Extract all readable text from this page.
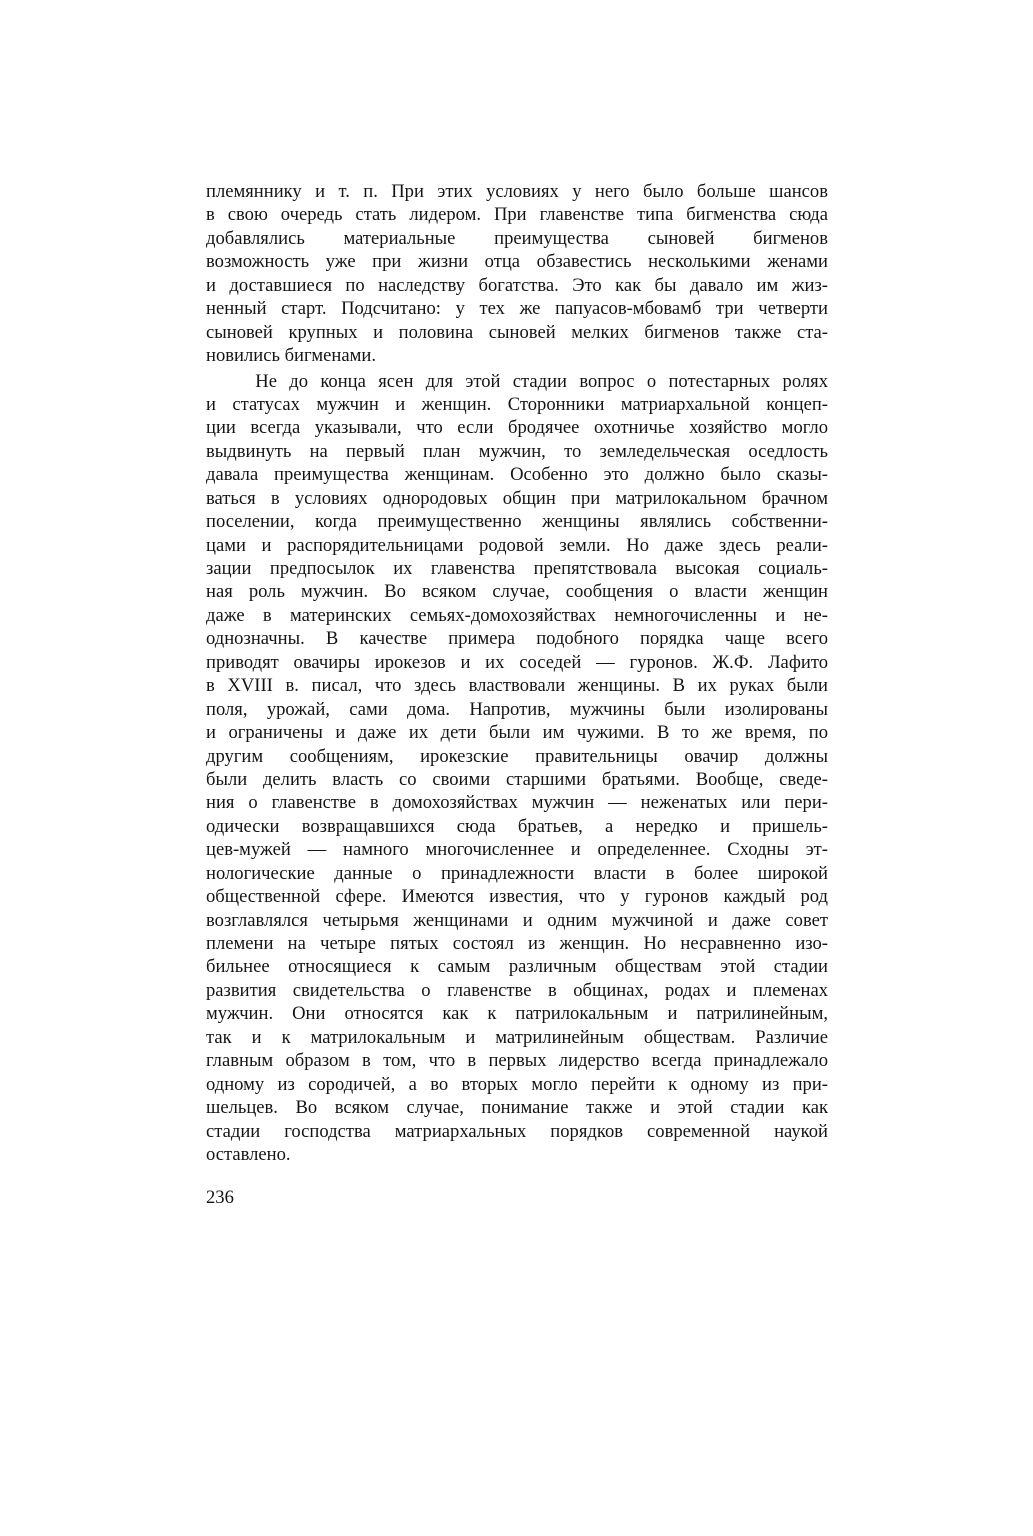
племяннику и т. п. При этих условиях у него было больше шансов
в свою очередь стать лидером. При главенстве типа бигменства сюда
добавлялись материальные преимущества сыновей бигменов
возможность уже при жизни отца обзавестись несколькими женами
и доставшиеся по наследству богатства. Это как бы давало им жиз-
ненный старт. Подсчитано: у тех же папуасов-мбовамб три четверти
сыновей крупных и половина сыновей мелких бигменов также ста-
новились бигменами.
Не до конца ясен для этой стадии вопрос о потестарных ролях
и статусах мужчин и женщин. Сторонники матриархальной концеп-
ции всегда указывали, что если бродячее охотничье хозяйство могло
выдвинуть на первый план мужчин, то земледельческая оседлость
давала преимущества женщинам. Особенно это должно было сказы-
ваться в условиях однородовых общин при матрилокальном брачном
поселении, когда преимущественно женщины являлись собственни-
цами и распорядительницами родовой земли. Но даже здесь реали-
зации предпосылок их главенства препятствовала высокая социаль-
ная роль мужчин. Во всяком случае, сообщения о власти женщин
даже в материнских семьях-домохозяйствах немногочисленны и не-
однозначны. В качестве примера подобного порядка чаще всего
приводят овачиры ирокезов и их соседей — гуронов. Ж.Ф. Лафито
в XVIII в. писал, что здесь властвовали женщины. В их руках были
поля, урожай, сами дома. Напротив, мужчины были изолированы
и ограничены и даже их дети были им чужими. В то же время, по
другим сообщениям, ирокезские правительницы овачир должны
были делить власть со своими старшими братьями. Вообще, сведе-
ния о главенстве в домохозяйствах мужчин — неженатых или пери-
одически возвращавшихся сюда братьев, а нередко и пришель-
цев-мужей — намного многочисленнее и определеннее. Сходны эт-
нологические данные о принадлежности власти в более широкой
общественной сфере. Имеются известия, что у гуронов каждый род
возглавлялся четырьмя женщинами и одним мужчиной и даже совет
племени на четыре пятых состоял из женщин. Но несравненно изо-
бильнее относящиеся к самым различным обществам этой стадии
развития свидетельства о главенстве в общинах, родах и племенах
мужчин. Они относятся как к патрилокальным и патрилинейным,
так и к матрилокальным и матрилинейным обществам. Различие
главным образом в том, что в первых лидерство всегда принадлежало
одному из сородичей, а во вторых могло перейти к одному из при-
шельцев. Во всяком случае, понимание также и этой стадии как
стадии господства матриархальных порядков современной наукой
оставлено.
236
